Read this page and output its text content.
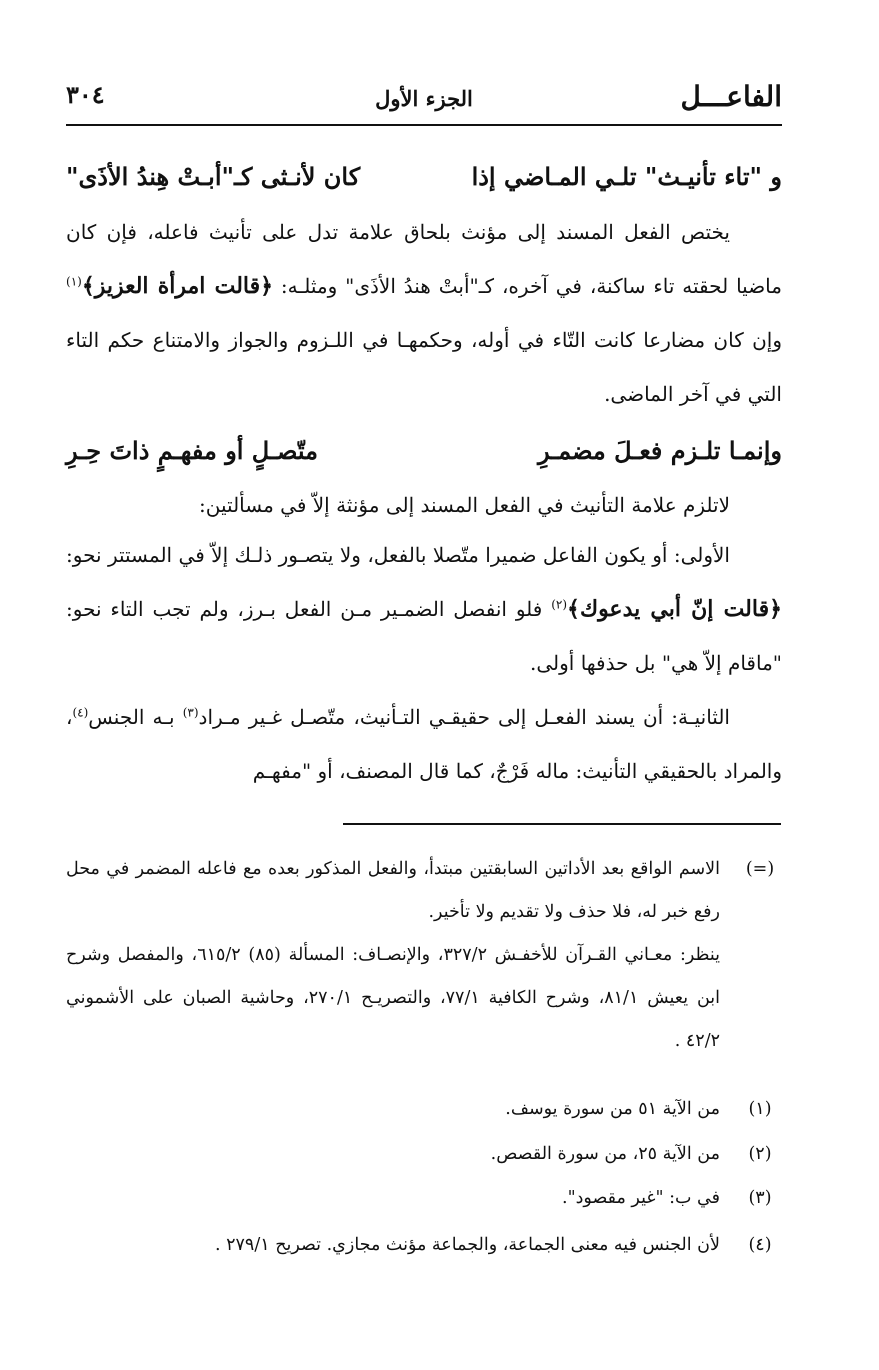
الفاعـــل
الجزء الأول
٣٠٤
و "تاء تأنيـث" تلـي المـاضي إذا
كان لأنـثى كـ"أبـتْ هِندُ الأذَى"

يختص الفعل المسند إلى مؤنث بلحاق علامة تدل على تأنيث فاعله، فإن كان ماضيا لحقته تاء ساكنة، في آخره، كـ"أبتْ هندُ الأذَى" ومثلـه: ﴿قالت امرأة العزيز﴾$^{(١)}$ وإن كان مضارعا كانت التّاء في أوله، وحكمهـا في اللـزوم والجواز والامتناع حكم التاء التي في آخر الماضى.

وإنمـا تلـزم فعـلَ مضمـرِ
متّصـلٍ أو مفهـمٍ ذاتَ حِـرِ

لاتلزم علامة التأنيث في الفعل المسند إلى مؤنثة إلاّ في مسألتين:

الأولى: أو يكون الفاعل ضميرا متّصلا بالفعل، ولا يتصـور ذلـك إلاّ في المستتر نحو: ﴿قالت إنّ أبي يدعوك﴾$^{(٢)}$ فلو انفصل الضمـير مـن الفعل بـرز، ولم تجب التاء نحو: "ماقام إلاّ هي" بل حذفها أولى.

الثانيـة: أن يسند الفعـل إلى حقيقـي التـأنيث، متّصـل غـير مـراد$^{(٣)}$ بـه الجنس$^{(٤)}$، والمراد بالحقيقي التأنيث: ماله فَرْجٌ، كما قال المصنف، أو "مفهـم

(=)
الاسم الواقع بعد الأداتين السابقتين مبتدأ، والفعل المذكور بعده مع فاعله المضمر في محل رفع خبر له، فلا حذف ولا تقديم ولا تأخير.
ينظر: معـاني القـرآن للأخفـش ٣٢٧/٢، والإنصـاف: المسألة (٨٥) ٦١٥/٢، والمفصل وشرح ابن يعيش ٨١/١، وشرح الكافية ٧٧/١، والتصريـح ٢٧٠/١، وحاشية الصبان على الأشموني ٤٢/٢ .
(١)
من الآية ٥١ من سورة يوسف.
(٢)
من الآية ٢٥، من سورة القصص.
(٣)
في ب: "غير مقصود".
(٤)
لأن الجنس فيه معنى الجماعة، والجماعة مؤنث مجازي. تصريح ٢٧٩/١ .
